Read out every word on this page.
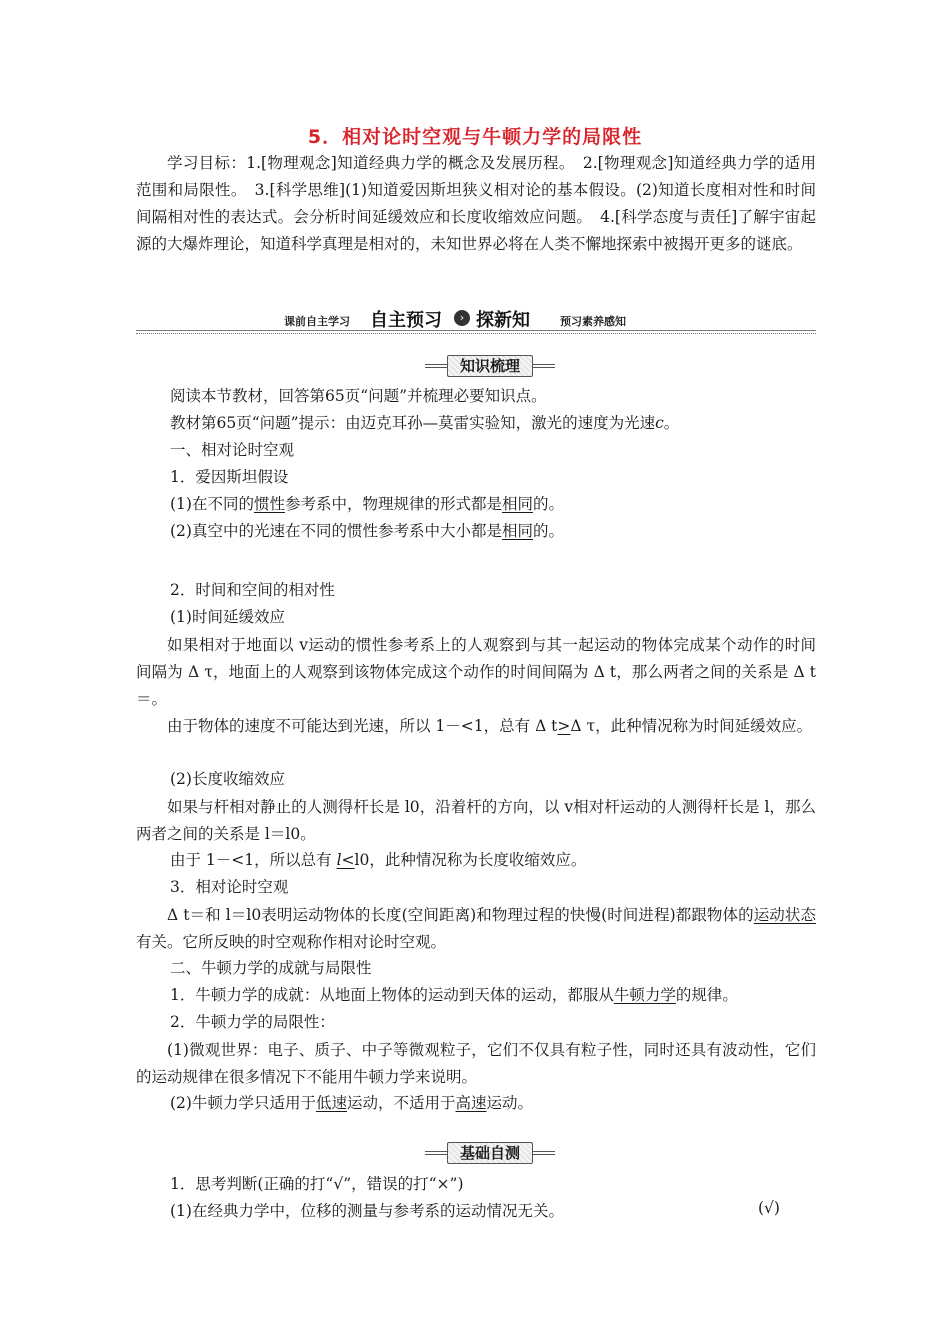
5．相对论时空观与牛顿力学的局限性
学习目标：1.[物理观念]知道经典力学的概念及发展历程。　2.[物理观念]知道经典力学的适用范围和局限性。　3.[科学思维](1)知道爱因斯坦狭义相对论的基本假设。(2)知道长度相对性和时间间隔相对性的表达式。会分析时间延缓效应和长度收缩效应问题。　4.[科学态度与责任]了解宇宙起源的大爆炸理论，知道科学真理是相对的，未知世界必将在人类不懈地探索中被揭开更多的谜底。
课前自主学习 自主预习	› 探新知	预习素养感知
知识梳理
阅读本节教材，回答第65页“问题”并梳理必要知识点。
教材第65页“问题”提示：由迈克耳孙—莫雷实验知，激光的速度为光速c。
一、相对论时空观
1．爱因斯坦假设
(1)在不同的惯性参考系中，物理规律的形式都是相同的。
(2)真空中的光速在不同的惯性参考系中大小都是相同的。
2．时间和空间的相对性
(1)时间延缓效应
如果相对于地面以 v运动的惯性参考系上的人观察到与其一起运动的物体完成某个动作的时间间隔为 Δ τ，地面上的人观察到该物体完成这个动作的时间间隔为 Δ t，那么两者之间的关系是 Δ t＝。
由于物体的速度不可能达到光速，所以 1－<1，总有 Δ t>Δ τ，此种情况称为时间延缓效应。
(2)长度收缩效应
如果与杆相对静止的人测得杆长是 l0，沿着杆的方向，以 v相对杆运动的人测得杆长是 l，那么两者之间的关系是 l＝l0。
由于 1－<1，所以总有 l<l0，此种情况称为长度收缩效应。
3．相对论时空观
Δ t＝和 l＝l0表明运动物体的长度(空间距离)和物理过程的快慢(时间进程)都跟物体的运动状态有关。它所反映的时空观称作相对论时空观。
二、牛顿力学的成就与局限性
1．牛顿力学的成就：从地面上物体的运动到天体的运动，都服从牛顿力学的规律。
2．牛顿力学的局限性：
(1)微观世界：电子、质子、中子等微观粒子，它们不仅具有粒子性，同时还具有波动性，它们的运动规律在很多情况下不能用牛顿力学来说明。
(2)牛顿力学只适用于低速运动，不适用于高速运动。
基础自测
1．思考判断(正确的打“√”，错误的打“×”)
(1)在经典力学中，位移的测量与参考系的运动情况无关。	(√)
